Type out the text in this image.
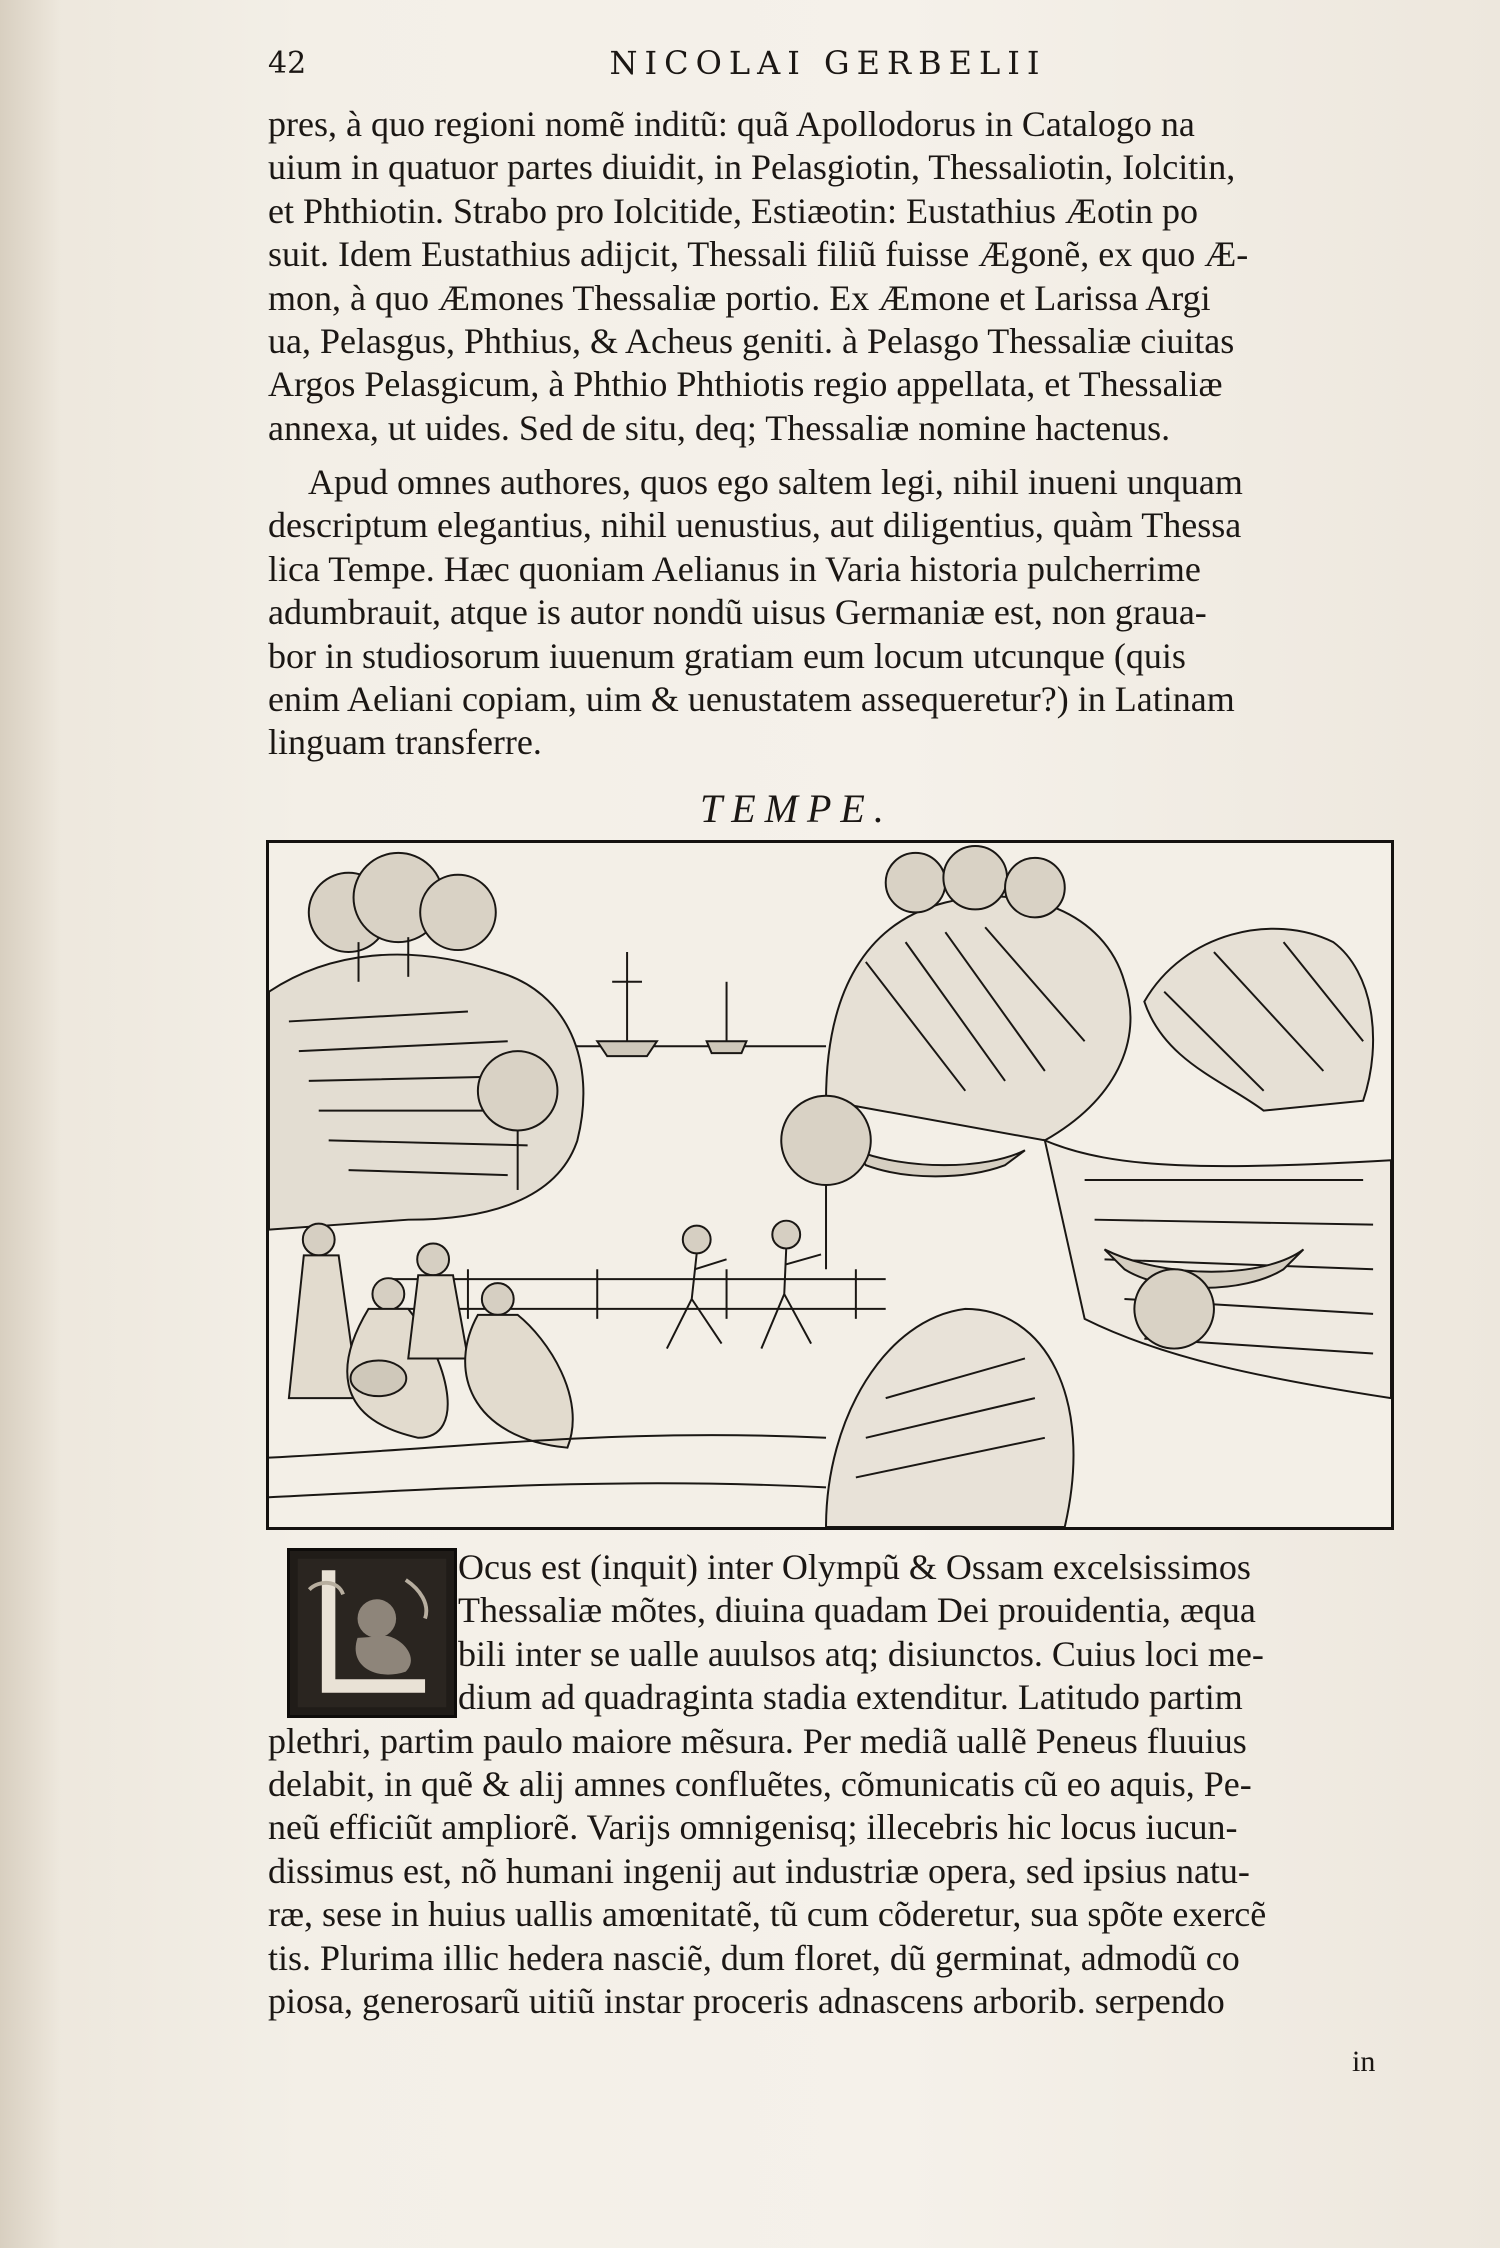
42	NICOLAI GERBELII
pres, à quo regioni nomẽ inditũ: quã Apollodorus in Catalogo na
uium in quatuor partes diuidit, in Pelasgiotin, Thessaliotin, Iolcitin,
et Phthiotin. Strabo pro Iolcitide, Estiæotin: Eustathius Æotin po
suit. Idem Eustathius adijcit, Thessali filiũ fuisse Ægonẽ, ex quo Æ-
mon, à quo Æmones Thessaliæ portio. Ex Æmone et Larissa Argi
ua, Pelasgus, Phthius, & Acheus geniti. à Pelasgo Thessaliæ ciuitas
Argos Pelasgicum, à Phthio Phthiotis regio appellata, et Thessaliæ
annexa, ut uides. Sed de situ, deq; Thessaliæ nomine hactenus.
Apud omnes authores, quos ego saltem legi, nihil inueni unquam
descriptum elegantius, nihil uenustius, aut diligentius, quàm Thessa
lica Tempe. Hæc quoniam Aelianus in Varia historia pulcherrime
adumbrauit, atque is autor nondũ uisus Germaniæ est, non graua-
bor in studiosorum iuuenum gratiam eum locum utcunque (quis
enim Aeliani copiam, uim & uenustatem assequeretur?) in Latinam
linguam transferre.
TEMPE.
Ocus est (inquit) inter Olympũ & Ossam excelsissimos
Thessaliæ mõtes, diuina quadam Dei prouidentia, æqua
bili inter se ualle auulsos atq; disiunctos. Cuius loci me-
dium ad quadraginta stadia extenditur. Latitudo partim
plethri, partim paulo maiore mẽsura. Per mediã uallẽ Peneus fluuius
delabit, in quẽ & alij amnes confluẽtes, cõmunicatis cũ eo aquis, Pe-
neũ efficiũt ampliorẽ. Varijs omnigenisq; illecebris hic locus iucun-
dissimus est, nõ humani ingenij aut industriæ opera, sed ipsius natu-
ræ, sese in huius uallis amœnitatẽ, tũ cum cõderetur, sua spõte exercẽ
tis. Plurima illic hedera nasciẽ, dum floret, dũ germinat, admodũ co
piosa, generosarũ uitiũ instar proceris adnascens arborib. serpendo
in
